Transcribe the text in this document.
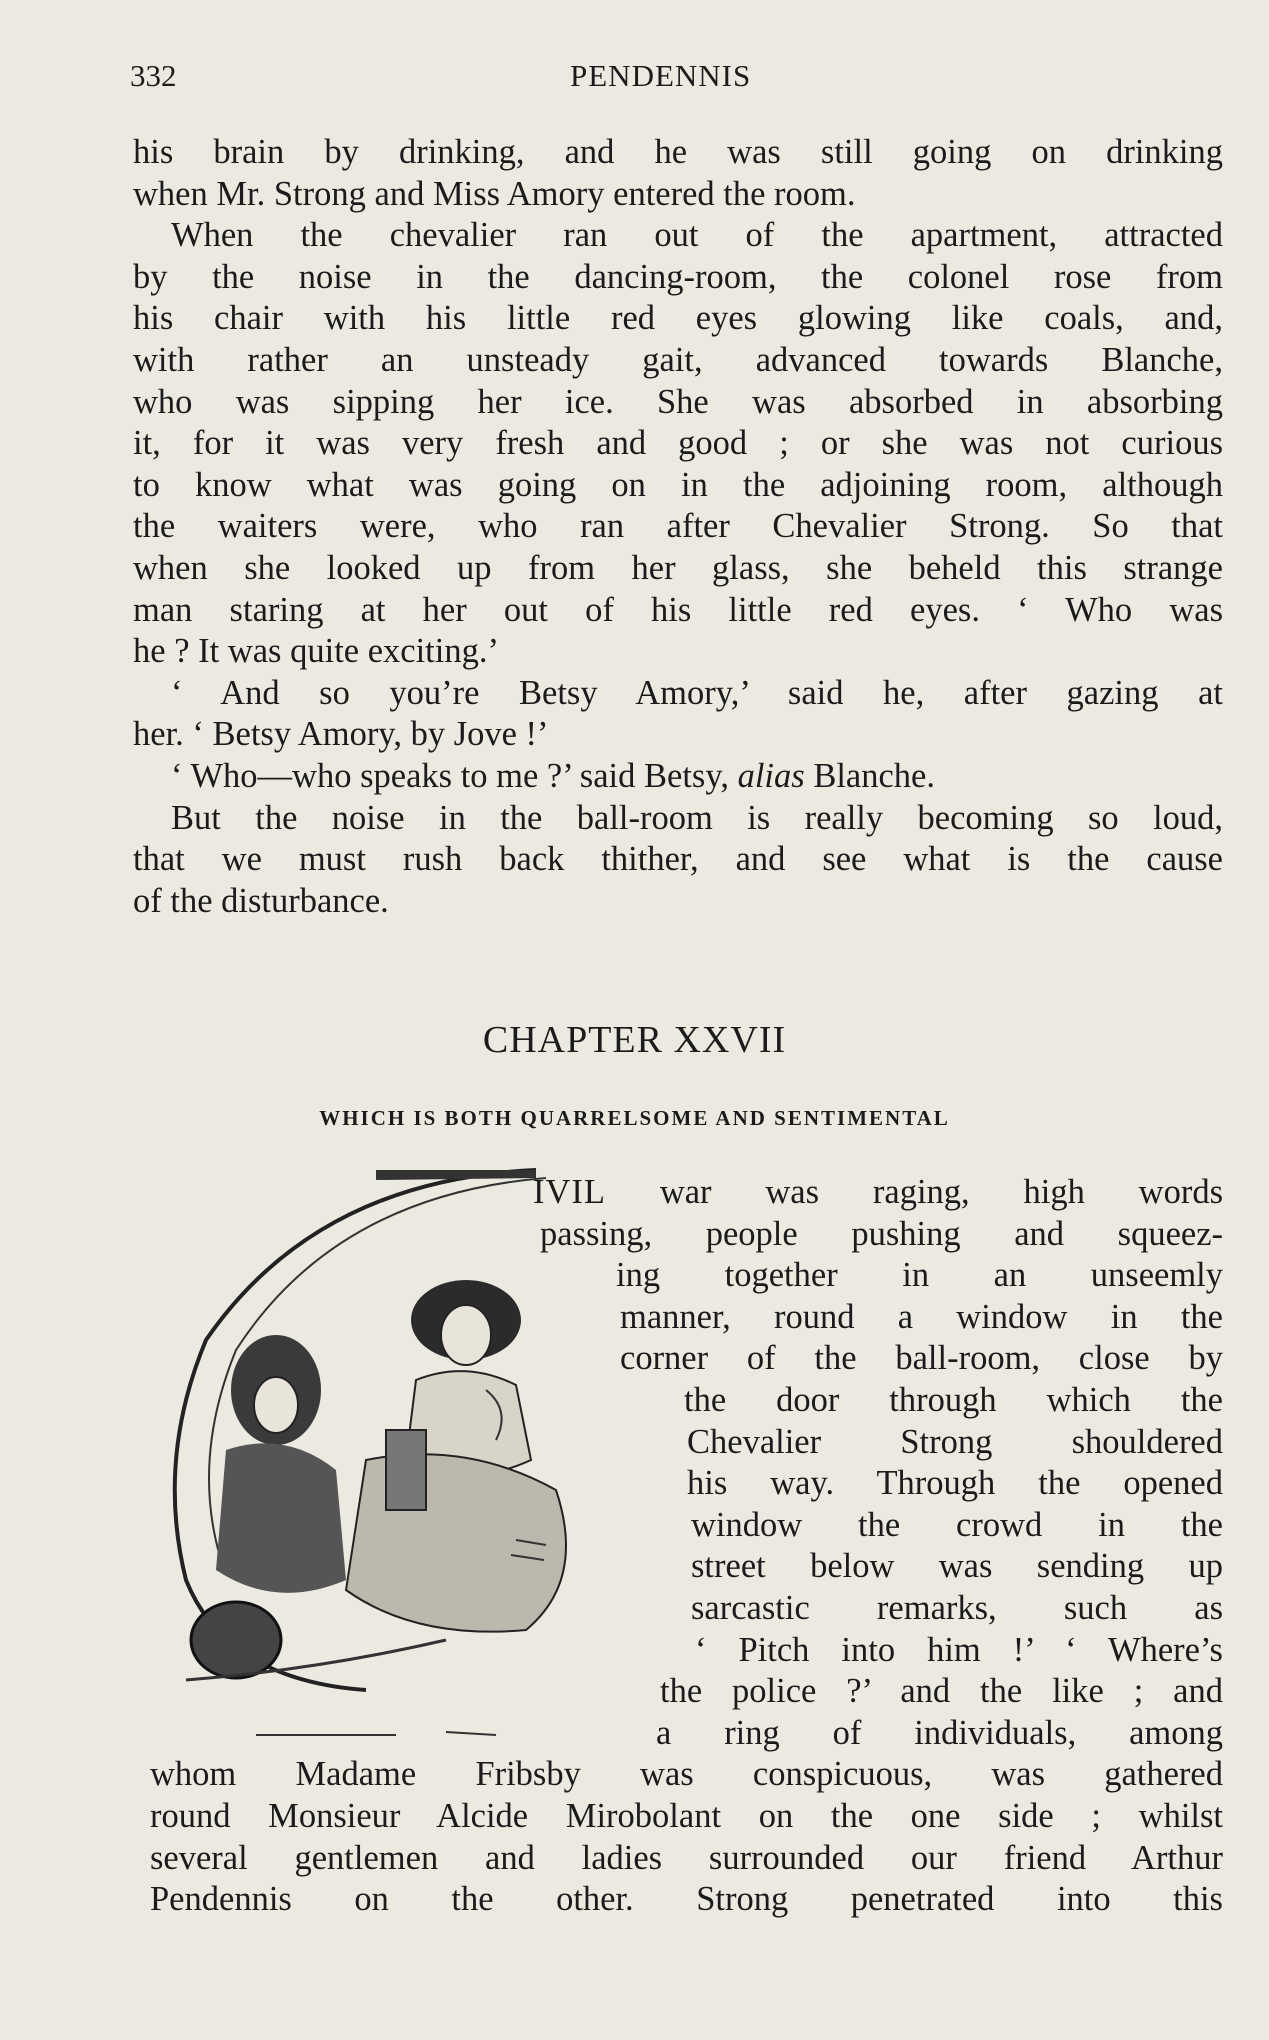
332	PENDENNIS
his brain by drinking, and he was still going on drinking
when Mr. Strong and Miss Amory entered the room.
When the chevalier ran out of the apartment, attracted
by the noise in the dancing-room, the colonel rose from
his chair with his little red eyes glowing like coals, and,
with rather an unsteady gait, advanced towards Blanche,
who was sipping her ice. She was absorbed in absorbing
it, for it was very fresh and good ; or she was not curious
to know what was going on in the adjoining room, although
the waiters were, who ran after Chevalier Strong. So that
when she looked up from her glass, she beheld this strange
man staring at her out of his little red eyes. ‘ Who was
he ? It was quite exciting.’
‘ And so you’re Betsy Amory,’ said he, after gazing at
her. ‘ Betsy Amory, by Jove !’
‘ Who—who speaks to me ?’ said Betsy, alias Blanche.
But the noise in the ball-room is really becoming so loud,
that we must rush back thither, and see what is the cause
of the disturbance.
CHAPTER XXVII
WHICH IS BOTH QUARRELSOME AND SENTIMENTAL
IVIL war was raging, high words
passing, people pushing and squeez-
ing together in an unseemly
manner, round a window in the
corner of the ball-room, close by
the door through which the
Chevalier Strong shouldered
his way. Through the opened
window the crowd in the
street below was sending up
sarcastic remarks, such as
‘ Pitch into him !’ ‘ Where’s
the police ?’ and the like ; and
a ring of individuals, among
whom Madame Fribsby was conspicuous, was gathered
round Monsieur Alcide Mirobolant on the one side ; whilst
several gentlemen and ladies surrounded our friend Arthur
Pendennis on the other. Strong penetrated into this
